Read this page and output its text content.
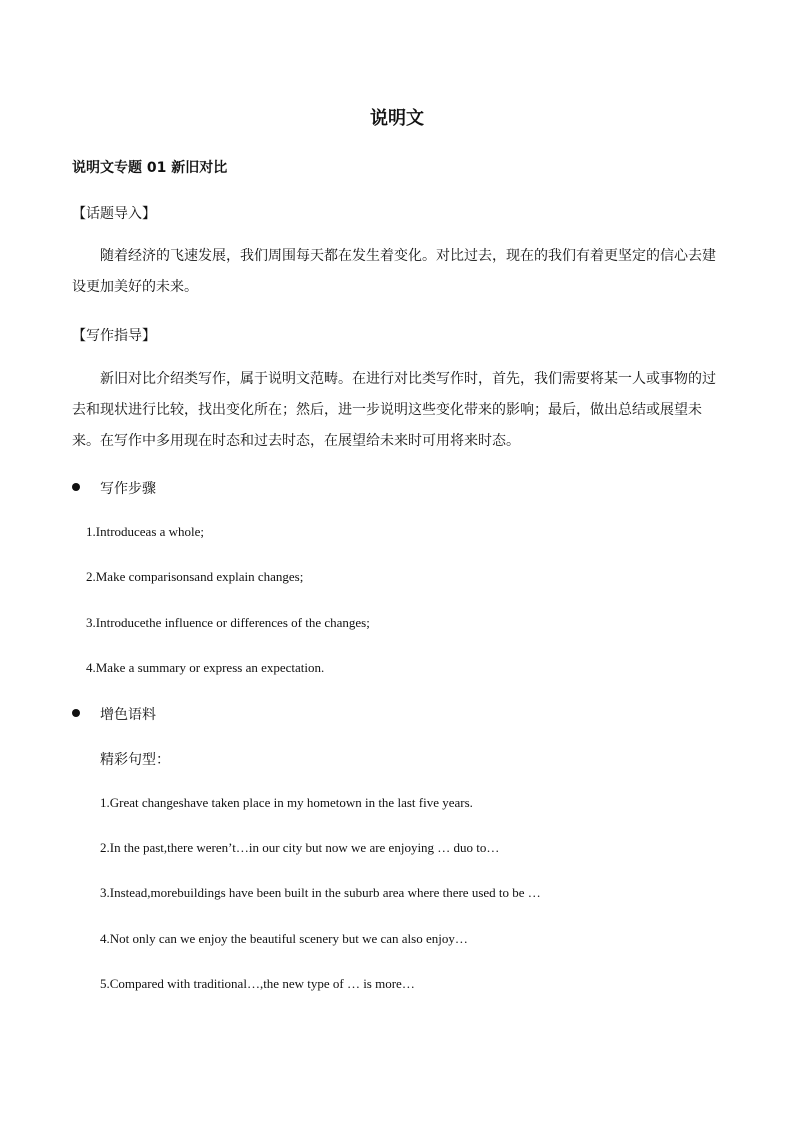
说明文
说明文专题 01 新旧对比
【话题导入】
随着经济的飞速发展，我们周围每天都在发生着变化。对比过去，现在的我们有着更坚定的信心去建设更加美好的未来。
【写作指导】
新旧对比介绍类写作，属于说明文范畴。在进行对比类写作时，首先，我们需要将某一人或事物的过去和现状进行比较，找出变化所在；然后，进一步说明这些变化带来的影响；最后，做出总结或展望未来。在写作中多用现在时态和过去时态，在展望给未来时可用将来时态。
写作步骤
1.Introduceas a whole;
2.Make comparisonsand explain changes;
3.Introducethe influence or differences of the changes;
4.Make a summary or express an expectation.
增色语料
精彩句型：
1.Great changeshave taken place in my hometown in the last five years.
2.In the past,there weren’t…in our city but now we are enjoying … duo to…
3.Instead,morebuildings have been built in the suburb area where there used to be …
4.Not only can we enjoy the beautiful scenery but we can also enjoy…
5.Compared with traditional…,the new type of … is more…
